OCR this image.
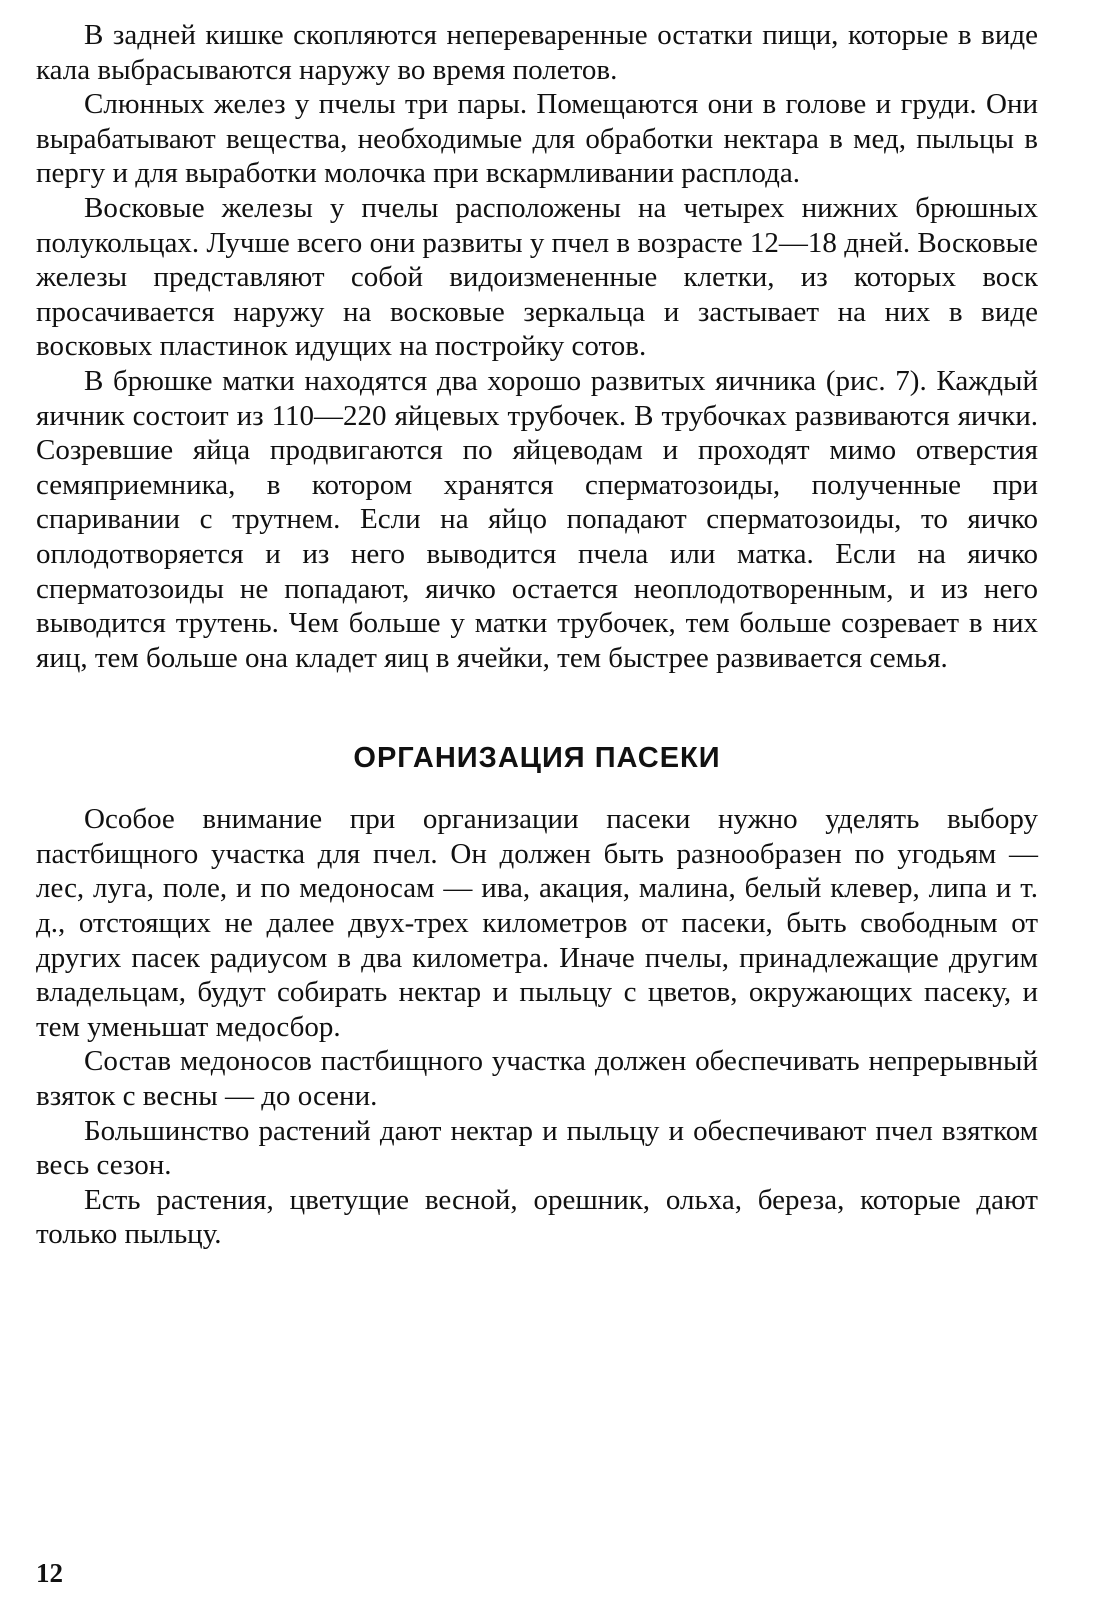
В задней кишке скопляются непереваренные остатки пищи, которые в виде кала выбрасываются наружу во время полетов.

Слюнных желез у пчелы три пары. Помещаются они в голове и груди. Они вырабатывают вещества, необходимые для обработки нектара в мед, пыльцы в пергу и для выработки молочка при вскармливании расплода.

Восковые железы у пчелы расположены на четырех нижних брюшных полукольцах. Лучше всего они развиты у пчел в возрасте 12—18 дней. Восковые железы представляют собой видоизмененные клетки, из которых воск просачивается наружу на восковые зеркальца и застывает на них в виде восковых пластинок идущих на постройку сотов.

В брюшке матки находятся два хорошо развитых яичника (рис. 7). Каждый яичник состоит из 110—220 яйцевых трубочек. В трубочках развиваются яички. Созревшие яйца продвигаются по яйцеводам и проходят мимо отверстия семяприемника, в котором хранятся сперматозоиды, полученные при спаривании с трутнем. Если на яйцо попадают сперматозоиды, то яичко оплодотворяется и из него выводится пчела или матка. Если на яичко сперматозоиды не попадают, яичко остается неоплодотворенным, и из него выводится трутень. Чем больше у матки трубочек, тем больше созревает в них яиц, тем больше она кладет яиц в ячейки, тем быстрее развивается семья.

ОРГАНИЗАЦИЯ ПАСЕКИ

Особое внимание при организации пасеки нужно уделять выбору пастбищного участка для пчел. Он должен быть разнообразен по угодьям — лес, луга, поле, и по медоносам — ива, акация, малина, белый клевер, липа и т. д., отстоящих не далее двух-трех километров от пасеки, быть свободным от других пасек радиусом в два километра. Иначе пчелы, принадлежащие другим владельцам, будут собирать нектар и пыльцу с цветов, окружающих пасеку, и тем уменьшат медосбор.

Состав медоносов пастбищного участка должен обеспечивать непрерывный взяток с весны — до осени.

Большинство растений дают нектар и пыльцу и обеспечивают пчел взятком весь сезон.

Есть растения, цветущие весной, орешник, ольха, береза, которые дают только пыльцу.

12
